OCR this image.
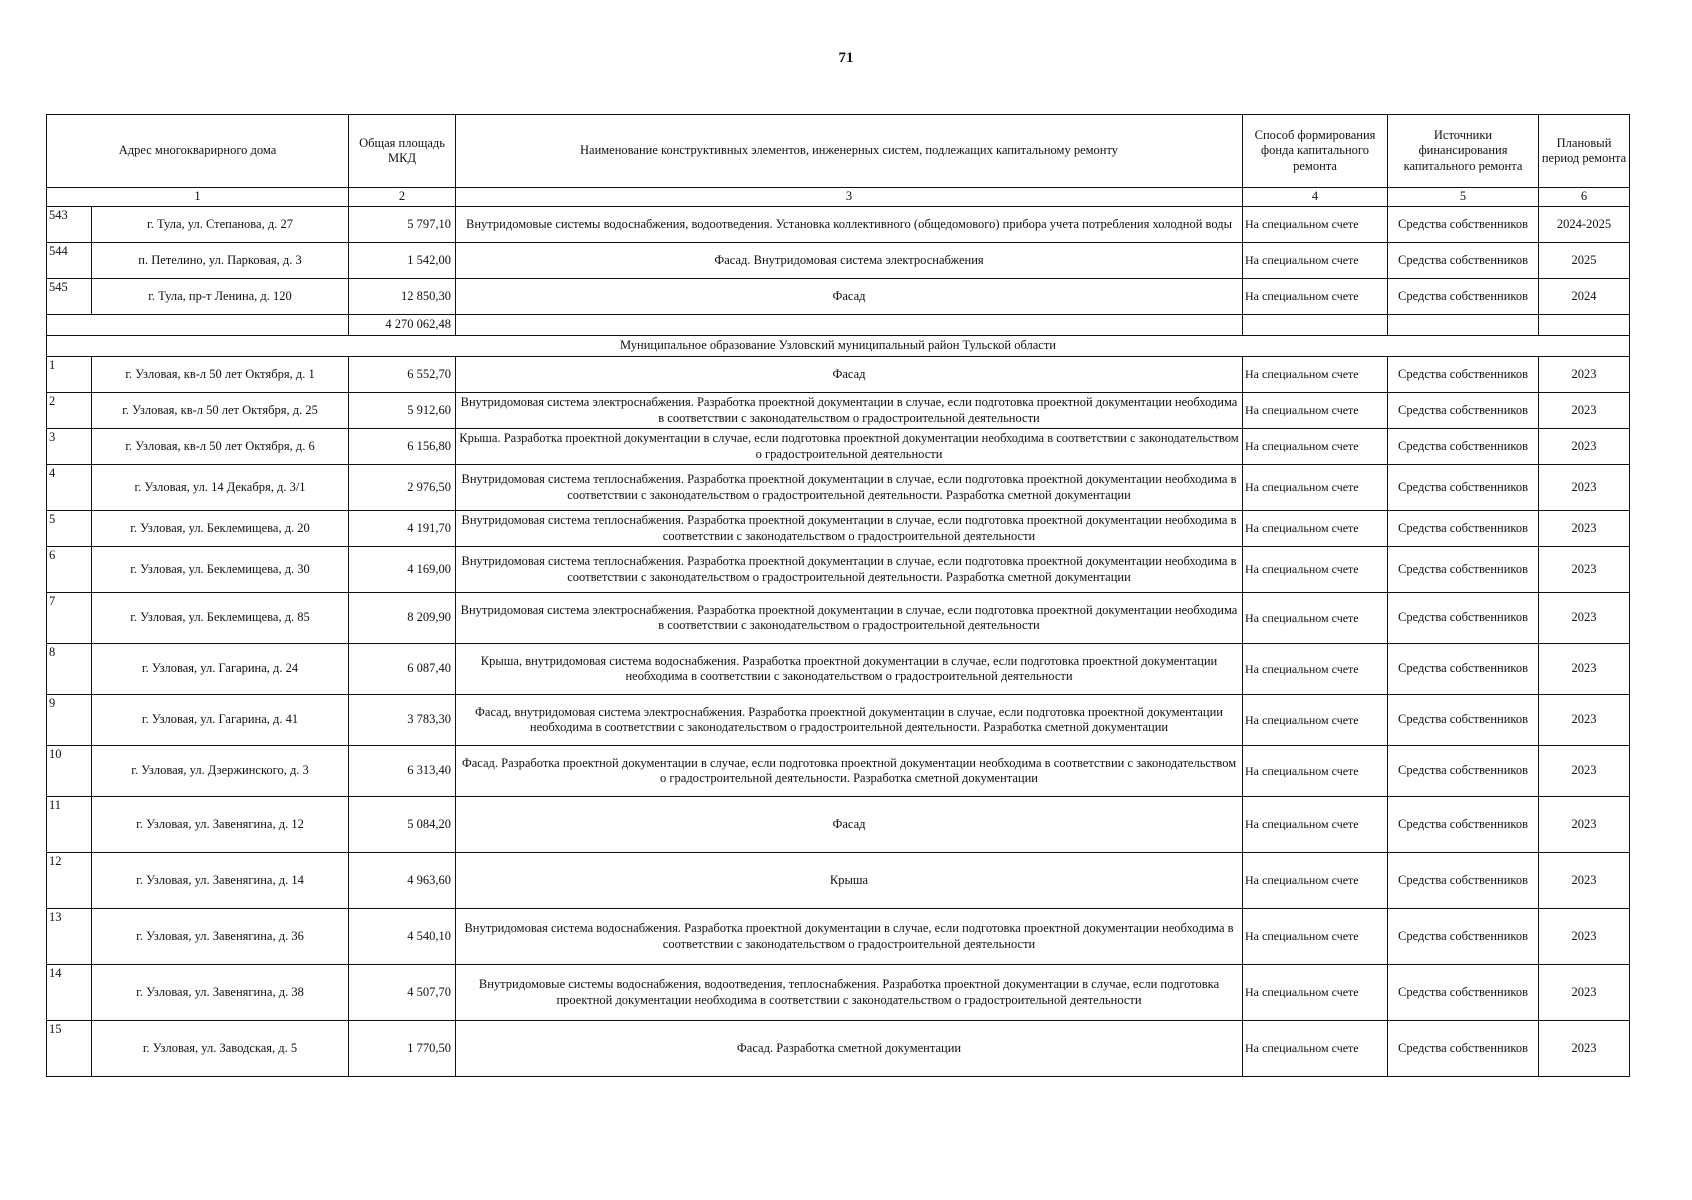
71
Адрес многокварирного дома		Общая площадь МКД	Наименование конструктивных элементов, инженерных систем, подлежащих капитальному ремонту	Способ формирования фонда капитального ремонта	Источники финансирования капитального ремонта	Плановый период ремонта
1		2	3	4	5	6
543	г. Тула, ул. Степанова, д. 27	5 797,10	Внутридомовые системы водоснабжения, водоотведения. Установка коллективного (общедомового) прибора учета потребления холодной воды	На специальном счете	Средства собственников	2024-2025
544	п. Петелино, ул. Парковая, д. 3	1 542,00	Фасад. Внутридомовая система электроснабжения	На специальном счете	Средства собственников	2025
545	г. Тула, пр-т Ленина, д. 120	12 850,30	Фасад	На специальном счете	Средства собственников	2024
		4 270 062,48				
Муниципальное образование Узловский муниципальный район Тульской области						
1	г. Узловая, кв-л 50 лет Октября, д. 1	6 552,70	Фасад	На специальном счете	Средства собственников	2023
2	г. Узловая, кв-л 50 лет Октября, д. 25	5 912,60	Внутридомовая система электроснабжения. Разработка проектной документации в случае, если подготовка проектной документации необходима в соответствии с законодательством о градостроительной деятельности	На специальном счете	Средства собственников	2023
3	г. Узловая, кв-л 50 лет Октября, д. 6	6 156,80	Крыша. Разработка проектной документации в случае, если подготовка проектной документации необходима в соответствии с законодательством о градостроительной деятельности	На специальном счете	Средства собственников	2023
4	г. Узловая, ул. 14 Декабря, д. 3/1	2 976,50	Внутридомовая система теплоснабжения. Разработка проектной документации в случае, если подготовка проектной документации необходима в соответствии с законодательством о градостроительной деятельности. Разработка сметной документации	На специальном счете	Средства собственников	2023
5	г. Узловая, ул. Беклемищева, д. 20	4 191,70	Внутридомовая система теплоснабжения. Разработка проектной документации в случае, если подготовка проектной документации необходима в соответствии с законодательством о градостроительной деятельности	На специальном счете	Средства собственников	2023
6	г. Узловая, ул. Беклемищева, д. 30	4 169,00	Внутридомовая система теплоснабжения. Разработка проектной документации в случае, если подготовка проектной документации необходима в соответствии с законодательством о градостроительной деятельности. Разработка сметной документации	На специальном счете	Средства собственников	2023
7	г. Узловая, ул. Беклемищева, д. 85	8 209,90	Внутридомовая система электроснабжения. Разработка проектной документации в случае, если подготовка проектной документации необходима в соответствии с законодательством о градостроительной деятельности	На специальном счете	Средства собственников	2023
8	г. Узловая, ул. Гагарина, д. 24	6 087,40	Крыша, внутридомовая система водоснабжения. Разработка проектной документации в случае, если подготовка проектной документации необходима в соответствии с законодательством о градостроительной деятельности	На специальном счете	Средства собственников	2023
9	г. Узловая, ул. Гагарина, д. 41	3 783,30	Фасад, внутридомовая система электроснабжения. Разработка проектной документации в случае, если подготовка проектной документации необходима в соответствии с законодательством о градостроительной деятельности. Разработка сметной документации	На специальном счете	Средства собственников	2023
10	г. Узловая, ул. Дзержинского, д. 3	6 313,40	Фасад. Разработка проектной документации в случае, если подготовка проектной документации необходима в соответствии с законодательством о градостроительной деятельности. Разработка сметной документации	На специальном счете	Средства собственников	2023
11	г. Узловая, ул. Завенягина, д. 12	5 084,20	Фасад	На специальном счете	Средства собственников	2023
12	г. Узловая, ул. Завенягина, д. 14	4 963,60	Крыша	На специальном счете	Средства собственников	2023
13	г. Узловая, ул. Завенягина, д. 36	4 540,10	Внутридомовая система водоснабжения. Разработка проектной документации в случае, если подготовка проектной документации необходима в соответствии с законодательством о градостроительной деятельности	На специальном счете	Средства собственников	2023
14	г. Узловая, ул. Завенягина, д. 38	4 507,70	Внутридомовые системы водоснабжения, водоотведения, теплоснабжения. Разработка проектной документации в случае, если подготовка проектной документации необходима в соответствии с законодательством о градостроительной деятельности	На специальном счете	Средства собственников	2023
15	г. Узловая, ул. Заводская, д. 5	1 770,50	Фасад. Разработка сметной документации	На специальном счете	Средства собственников	2023
